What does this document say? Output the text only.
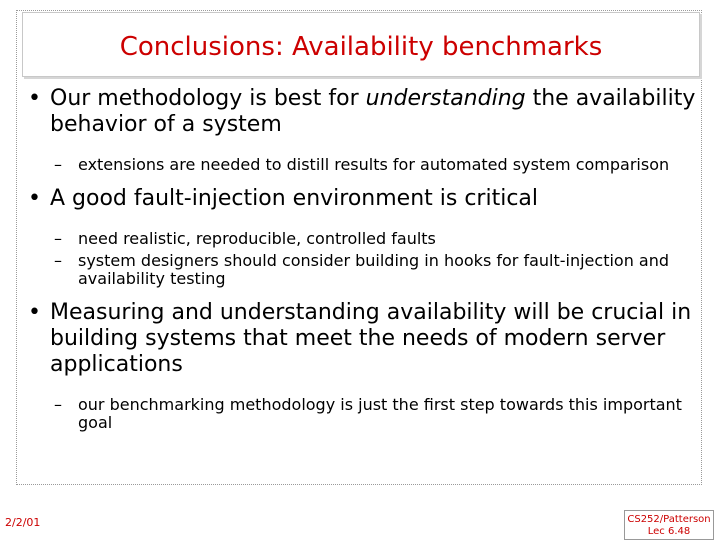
Conclusions: Availability benchmarks
• Our methodology is best for understanding the availability behavior of a system
– extensions are needed to distill results for automated system comparison
• A good fault-injection environment is critical
– need realistic, reproducible, controlled faults
– system designers should consider building in hooks for fault-injection and availability testing
• Measuring and understanding availability will be crucial in building systems that meet the needs of modern server applications
– our benchmarking methodology is just the first step towards this important goal
2/2/01	CS252/Patterson
Lec 6.48
